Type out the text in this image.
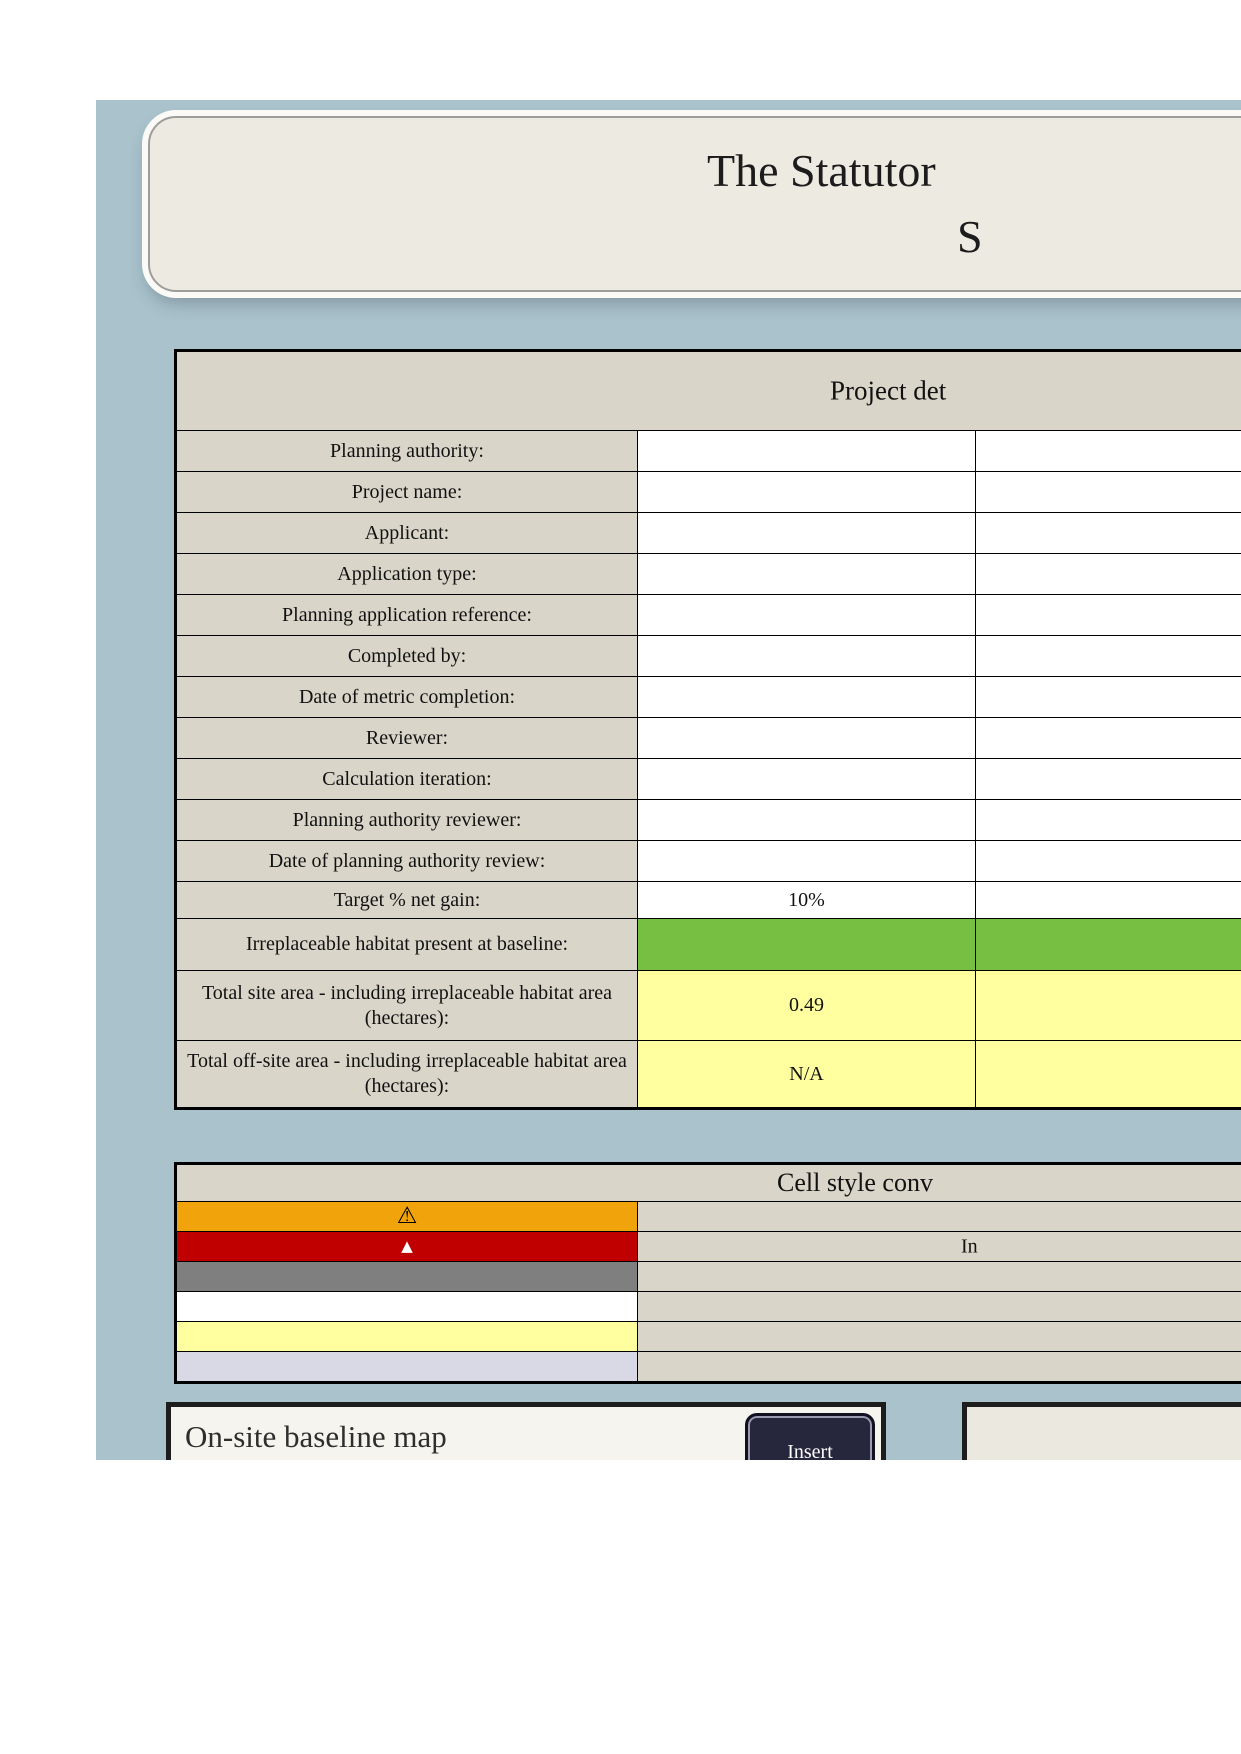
The Statutor
S
Project det
Planning authority:
Project name:
Applicant:
Application type:
Planning application reference:
Completed by:
Date of metric completion:
Reviewer:
Calculation iteration:
Planning authority reviewer:
Date of planning authority review:
Target % net gain:	10%
Irreplaceable habitat present at baseline:
Total site area - including irreplaceable habitat area (hectares):
0.49
Total off-site area - including irreplaceable habitat area (hectares):
N/A
Cell style conv
⚠
▲	In
On-site baseline map	Insert
